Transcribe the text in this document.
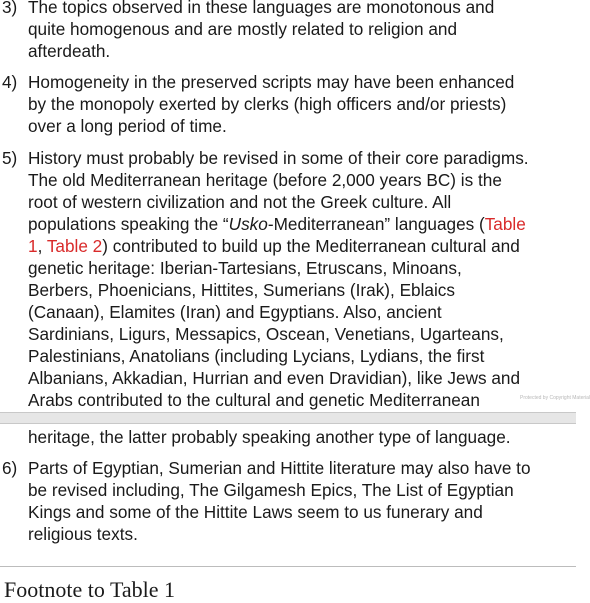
3) The topics observed in these languages are monotonous and
quite homogenous and are mostly related to religion and
afterdeath.
4) Homogeneity in the preserved scripts may have been enhanced
by the monopoly exerted by clerks (high officers and/or priests)
over a long period of time.
5) History must probably be revised in some of their core paradigms.
The old Mediterranean heritage (before 2,000 years BC) is the
root of western civilization and not the Greek culture. All
populations speaking the “Usko-Mediterranean” languages (Table
1, Table 2) contributed to build up the Mediterranean cultural and
genetic heritage: Iberian-Tartesians, Etruscans, Minoans,
Berbers, Phoenicians, Hittites, Sumerians (Irak), Eblaics
(Canaan), Elamites (Iran) and Egyptians. Also, ancient
Sardinians, Ligurs, Messapics, Oscean, Venetians, Ugarteans,
Palestinians, Anatolians (including Lycians, Lydians, the first
Albanians, Akkadian, Hurrian and even Dravidian), like Jews and
Arabs contributed to the cultural and genetic Mediterranean	Protected by Copyright Material
heritage, the latter probably speaking another type of language.
6) Parts of Egyptian, Sumerian and Hittite literature may also have to
be revised including, The Gilgamesh Epics, The List of Egyptian
Kings and some of the Hittite Laws seem to us funerary and
religious texts.
Footnote to Table 1
